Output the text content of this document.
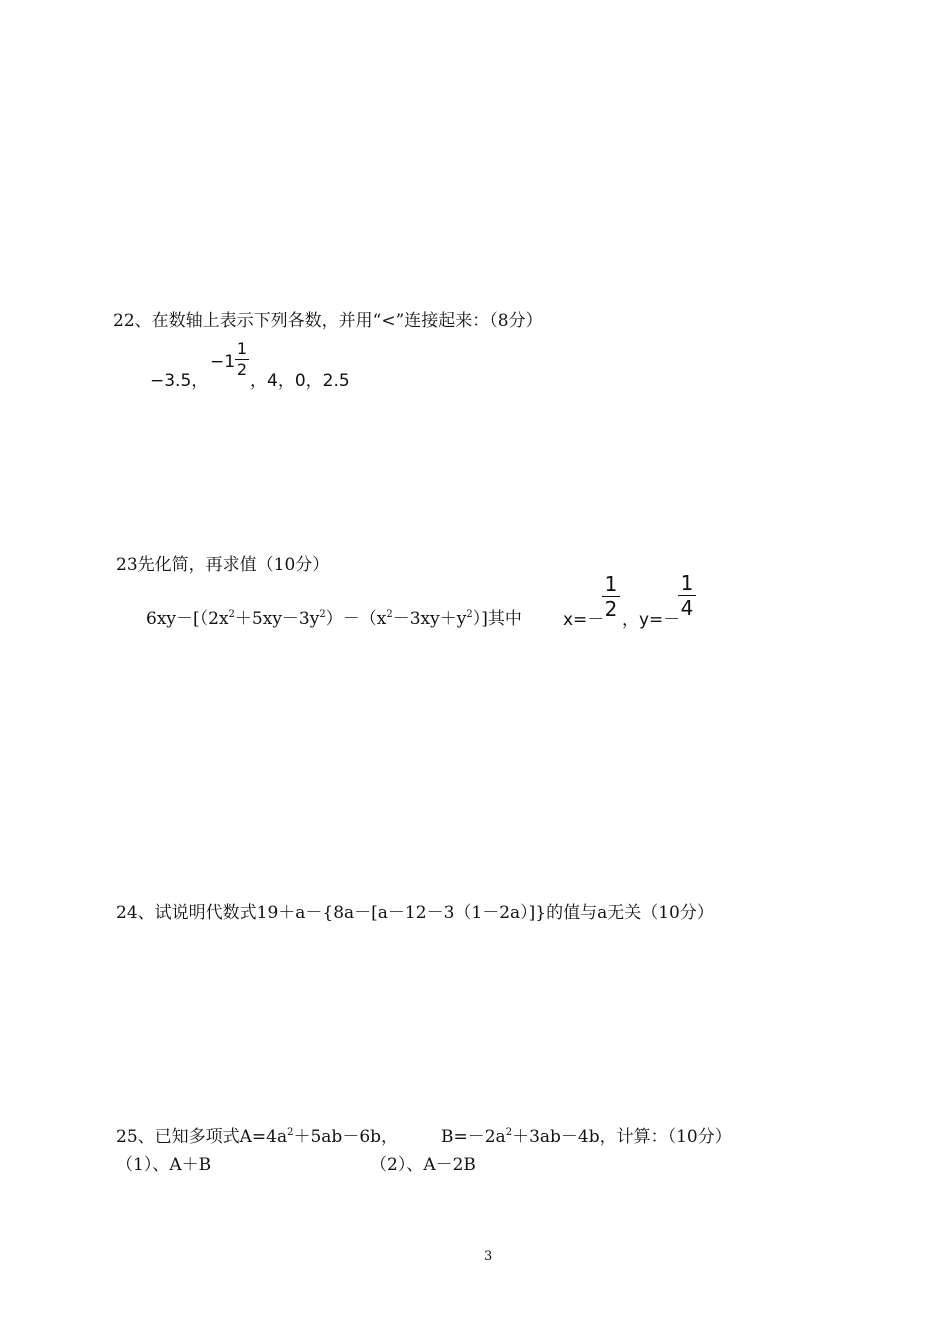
22、在数轴上表示下列各数，并用“<”连接起来：（8分）
−3.5，
−1
1
2
，4，0，2.5
23先化简，再求值（10分）
$6xy-[(2x^2+5xy-3y^2)-(x^2-3xy+y^2)]$其中 x=－
1
2 ，y=－
1
4
24、试说明代数式19＋a－{8a－[a－12－3（1－2a）]}的值与a无关（10分）
25、已知多项式$A=4a^2+5ab-6b$，	$B=-2a^2+3ab-4b$，计算：（10分）
（1）、A＋B	（2）、A－2B
3
